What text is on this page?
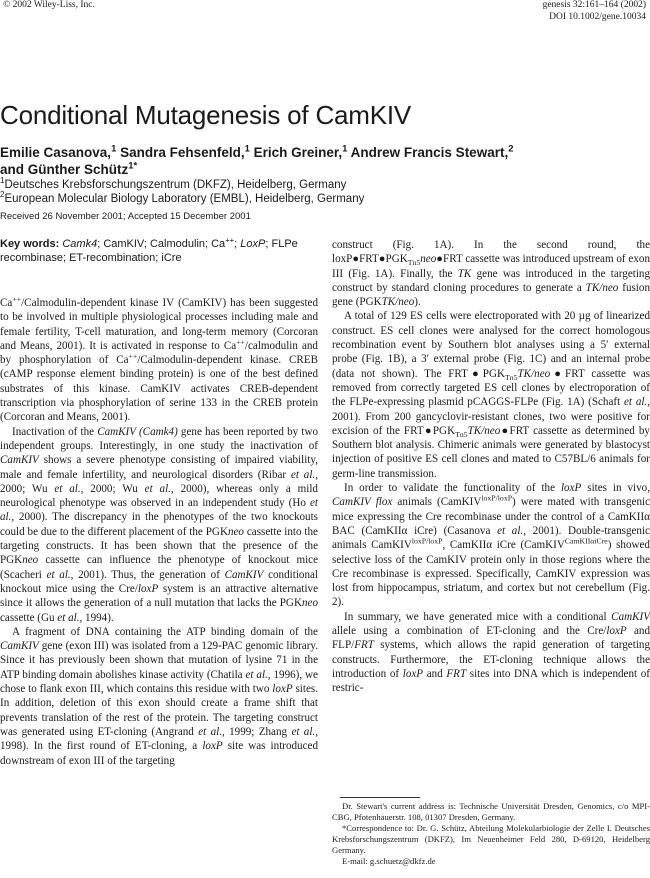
© 2002 Wiley-Liss, Inc.	genesis 32:161–164 (2002)
DOI 10.1002/gene.10034
Conditional Mutagenesis of CamKIV
Emilie Casanova,$^1$ Sandra Fehsenfeld,$^1$ Erich Greiner,$^1$ Andrew Francis Stewart,$^2$
and Günther Schütz$^{1*}$
$^1$Deutsches Krebsforschungszentrum (DKFZ), Heidelberg, Germany
$^2$European Molecular Biology Laboratory (EMBL), Heidelberg, Germany
Received 26 November 2001; Accepted 15 December 2001
Key words: Camk4; CamKIV; Calmodulin; Ca++; LoxP; FLPe recombinase; ET-recombination; iCre

Ca++/Calmodulin-dependent kinase IV (CamKIV) has been suggested to be involved in multiple physiological processes including male and female fertility, T-cell maturation, and long-term memory (Corcoran and Means, 2001). It is activated in response to Ca++/calmodulin and by phosphorylation of Ca++/Calmodulin-dependent kinase. CREB (cAMP response element binding protein) is one of the best defined substrates of this kinase. CamKIV activates CREB-dependent transcription via phosphorylation of serine 133 in the CREB protein (Corcoran and Means, 2001).

Inactivation of the CamKIV (Camk4) gene has been reported by two independent groups. Interestingly, in one study the inactivation of CamKIV shows a severe phenotype consisting of impaired viability, male and female infertility, and neurological disorders (Ribar et al., 2000; Wu et al., 2000; Wu et al., 2000), whereas only a mild neurological phenotype was observed in an independent study (Ho et al., 2000). The discrepancy in the phenotypes of the two knockouts could be due to the different placement of the PGKneo cassette into the targeting constructs. It has been shown that the presence of the PGKneo cassette can influence the phenotype of knockout mice (Scacheri et al., 2001). Thus, the generation of CamKIV conditional knockout mice using the Cre/loxP system is an attractive alternative since it allows the generation of a null mutation that lacks the PGKneo cassette (Gu et al., 1994).

A fragment of DNA containing the ATP binding domain of the CamKIV gene (exon III) was isolated from a 129-PAC genomic library. Since it has previously been shown that mutation of lysine 71 in the ATP binding domain abolishes kinase activity (Chatila et al., 1996), we chose to flank exon III, which contains this residue with two loxP sites. In addition, deletion of this exon should create a frame shift that prevents translation of the rest of the protein. The targeting construct was generated using ET-cloning (Angrand et al., 1999; Zhang et al., 1998). In the first round of ET-cloning, a loxP site was introduced downstream of exon III of the targeting

construct (Fig. 1A). In the second round, the $loxP●FRT●PGK_{Tn5}neo●FRT$ cassette was introduced upstream of exon III (Fig. 1A). Finally, the TK gene was introduced in the targeting construct by standard cloning procedures to generate a TK/neo fusion gene (PGKTK/neo).

A total of 129 ES cells were electroporated with 20 µg of linearized construct. ES cell clones were analysed for the correct homologous recombination event by Southern blot analyses using a 5′ external probe (Fig. 1B), a 3′ external probe (Fig. 1C) and an internal probe (data not shown). The $FRT●PGK_{Tn5}TK/neo●FRT$ cassette was removed from correctly targeted ES cell clones by electroporation of the FLPe-expressing plasmid pCAGGS-FLPe (Fig. 1A) (Schaft et al., 2001). From 200 gancyclovir-resistant clones, two were positive for excision of the $FRT●PGK_{Tn5}TK/neo●FRT$ cassette as determined by Southern blot analysis. Chimeric animals were generated by blastocyst injection of positive ES cell clones and mated to C57BL/6 animals for germ-line transmission.

In order to validate the functionality of the loxP sites in vivo, CamKIV flox animals (CamKIV$^{loxP/loxP}$) were mated with transgenic mice expressing the Cre recombinase under the control of a CamKIIα BAC (CamKIIα iCre) (Casanova et al., 2001). Double-transgenic animals CamKIV$^{loxP/loxP}$, CamKIIα iCre (CamKIV$^{CamKII\alpha iCre}$) showed selective loss of the CamKIV protein only in those regions where the Cre recombinase is expressed. Specifically, CamKIV expression was lost from hippocampus, striatum, and cortex but not cerebellum (Fig. 2).

In summary, we have generated mice with a conditional CamKIV allele using a combination of ET-cloning and the Cre/loxP and FLP/FRT systems, which allows the rapid generation of targeting constructs. Furthermore, the ET-cloning technique allows the introduction of loxP and FRT sites into DNA which is independent of restric-

Dr. Stewart's current address is: Technische Universität Dresden, Genomics, c/o MPI-CBG, Pfotenhauerstr. 108, 01307 Dresden, Germany.

*Correspondence to: Dr. G. Schütz, Abteilung Molekularbiologie der Zelle I. Deutsches Krebsforschungszentrum (DKFZ), Im Neuenheimer Feld 280, D-69120, Heidelberg Germany.

E-mail: g.schuetz@dkfz.de
